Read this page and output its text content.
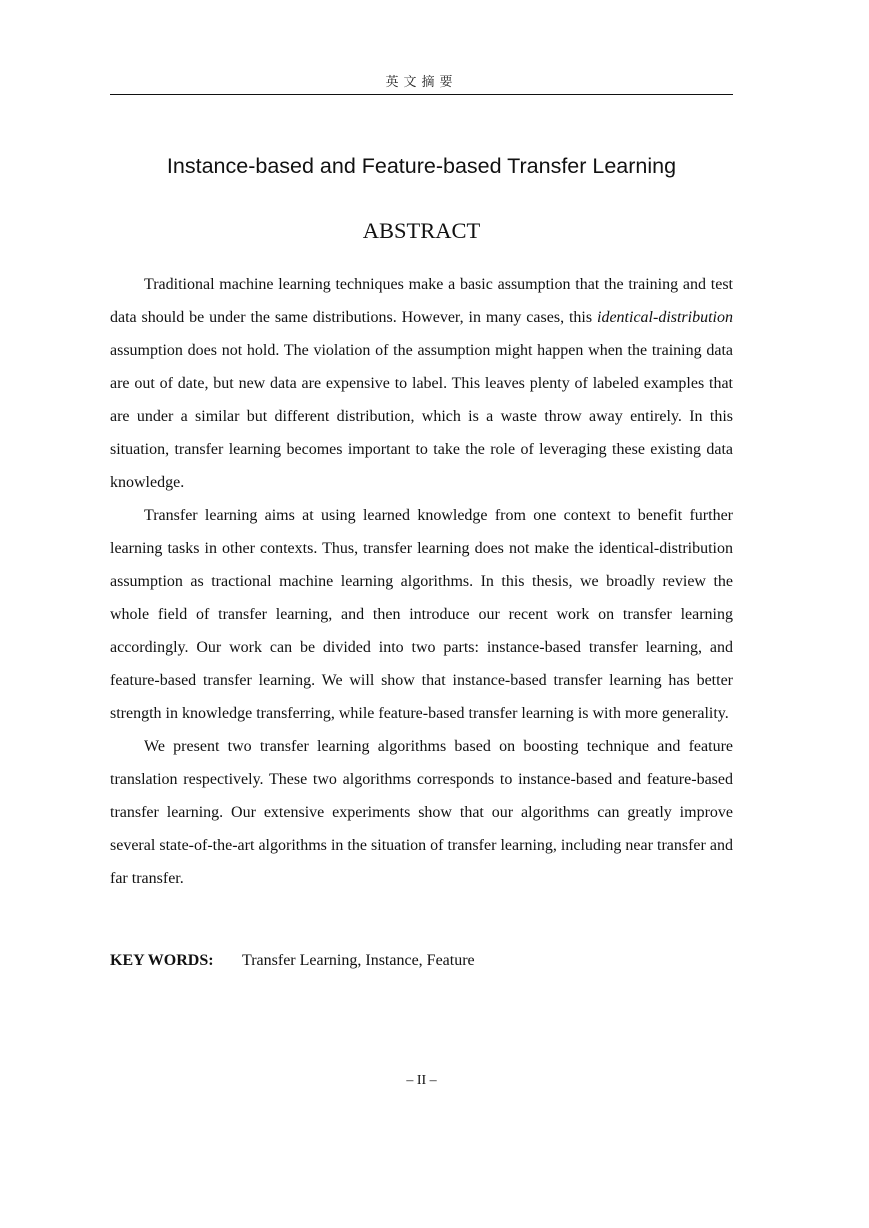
英文摘要
Instance-based and Feature-based Transfer Learning
ABSTRACT

Traditional machine learning techniques make a basic assumption that the training and test data should be under the same distributions. However, in many cases, this identical-distribution assumption does not hold. The violation of the assumption might happen when the training data are out of date, but new data are expensive to label. This leaves plenty of labeled examples that are under a similar but different distribution, which is a waste throw away entirely. In this situation, transfer learning becomes important to take the role of leveraging these existing data knowledge.

Transfer learning aims at using learned knowledge from one context to benefit further learning tasks in other contexts. Thus, transfer learning does not make the identical-distribution assumption as tractional machine learning algorithms. In this thesis, we broadly review the whole field of transfer learning, and then introduce our recent work on transfer learning accordingly. Our work can be divided into two parts: instance-based transfer learning, and feature-based transfer learning. We will show that instance-based transfer learning has better strength in knowledge transferring, while feature-based transfer learning is with more generality.

We present two transfer learning algorithms based on boosting technique and feature translation respectively. These two algorithms corresponds to instance-based and feature-based transfer learning. Our extensive experiments show that our algorithms can greatly improve several state-of-the-art algorithms in the situation of transfer learning, including near transfer and far transfer.

KEY WORDS: Transfer Learning, Instance, Feature
– II –
